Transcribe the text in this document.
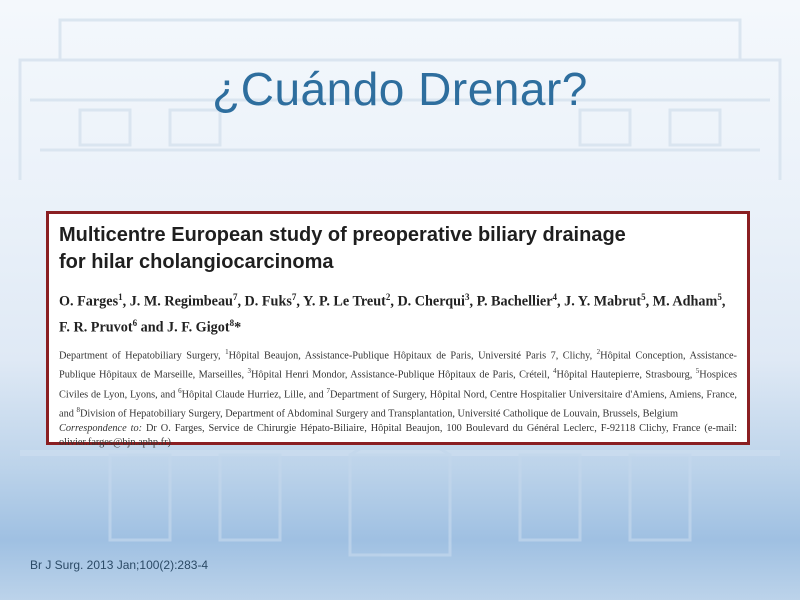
¿Cuándo Drenar?
Multicentre European study of preoperative biliary drainage
for hilar cholangiocarcinoma
O. Farges$^1$, J. M. Regimbeau$^7$, D. Fuks$^7$, Y. P. Le Treut$^2$, D. Cherqui$^3$, P. Bachellier$^4$, J. Y. Mabrut$^5$, M. Adham$^5$, F. R. Pruvot$^6$ and J. F. Gigot$^8$*
Department of Hepatobiliary Surgery, $^1$Hôpital Beaujon, Assistance-Publique Hôpitaux de Paris, Université Paris 7, Clichy, $^2$Hôpital Conception, Assistance-Publique Hôpitaux de Marseille, Marseilles, $^3$Hôpital Henri Mondor, Assistance-Publique Hôpitaux de Paris, Créteil, $^4$Hôpital Hautepierre, Strasbourg, $^5$Hospices Civiles de Lyon, Lyons, and $^6$Hôpital Claude Hurriez, Lille, and $^7$Department of Surgery, Hôpital Nord, Centre Hospitalier Universitaire d'Amiens, Amiens, France, and $^8$Division of Hepatobiliary Surgery, Department of Abdominal Surgery and Transplantation, Université Catholique de Louvain, Brussels, Belgium
Correspondence to: Dr O. Farges, Service de Chirurgie Hépato-Biliaire, Hôpital Beaujon, 100 Boulevard du Général Leclerc, F-92118 Clichy, France (e-mail: olivier.farges@bjn.aphp.fr)
Br J Surg. 2013 Jan;100(2):283-4
